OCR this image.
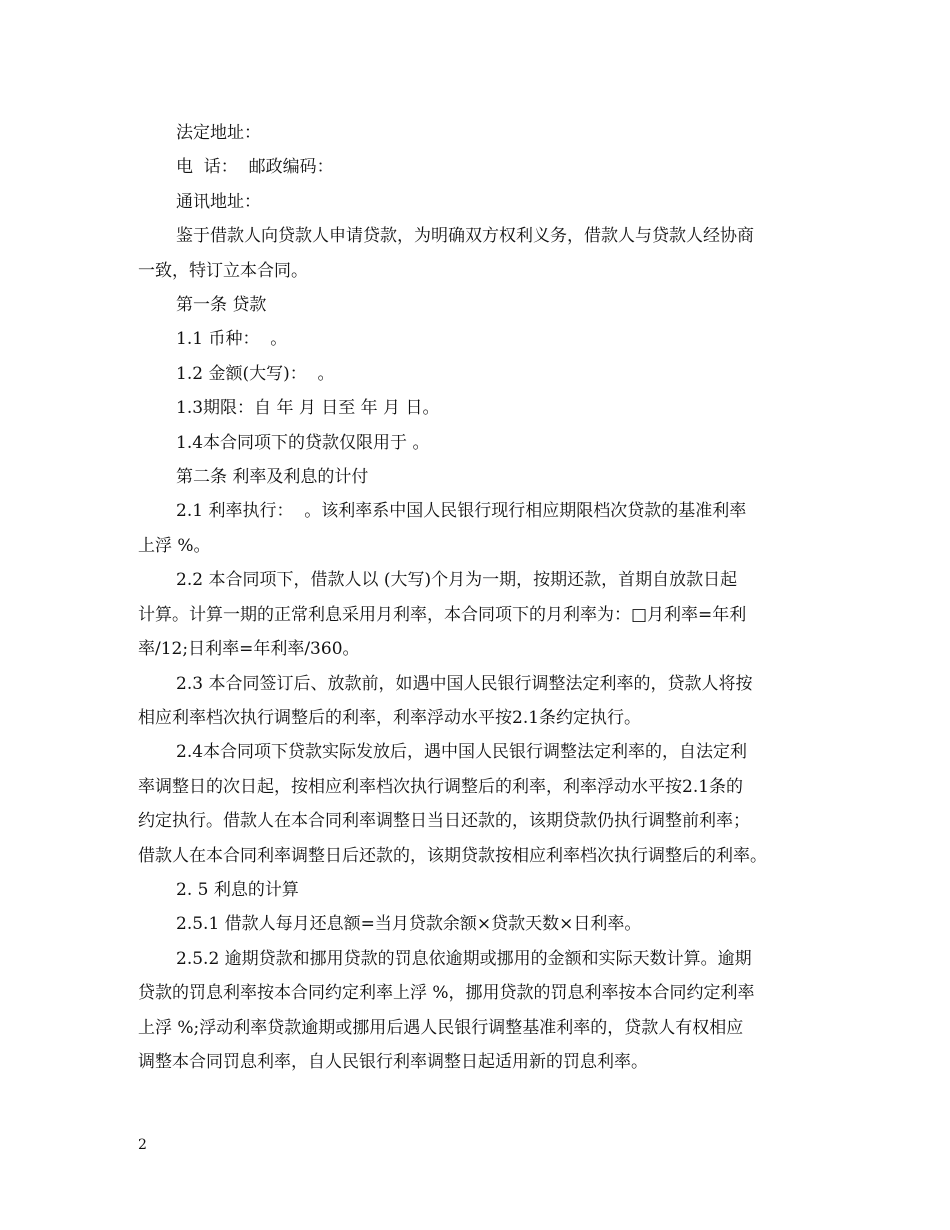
法定地址：

电  话：  邮政编码：

通讯地址：

鉴于借款人向贷款人申请贷款，为明确双方权利义务，借款人与贷款人经协商
一致，特订立本合同。

第一条 贷款

1.1 币种：  。

1.2 金额(大写)：  。

1.3期限：自 年 月 日至 年 月 日。

1.4本合同项下的贷款仅限用于 。

第二条 利率及利息的计付

2.1 利率执行：  。该利率系中国人民银行现行相应期限档次贷款的基准利率
上浮 %。

2.2 本合同项下，借款人以 (大写)个月为一期，按期还款，首期自放款日起
计算。计算一期的正常利息采用月利率，本合同项下的月利率为：□月利率=年利
率/12;日利率=年利率/360。

2.3 本合同签订后、放款前，如遇中国人民银行调整法定利率的，贷款人将按
相应利率档次执行调整后的利率，利率浮动水平按2.1条约定执行。

2.4本合同项下贷款实际发放后，遇中国人民银行调整法定利率的，自法定利
率调整日的次日起，按相应利率档次执行调整后的利率，利率浮动水平按2.1条的
约定执行。借款人在本合同利率调整日当日还款的，该期贷款仍执行调整前利率；
借款人在本合同利率调整日后还款的，该期贷款按相应利率档次执行调整后的利率。

2. 5 利息的计算

2.5.1 借款人每月还息额=当月贷款余额×贷款天数×日利率。

2.5.2 逾期贷款和挪用贷款的罚息依逾期或挪用的金额和实际天数计算。逾期
贷款的罚息利率按本合同约定利率上浮 %，挪用贷款的罚息利率按本合同约定利率
上浮 %;浮动利率贷款逾期或挪用后遇人民银行调整基准利率的，贷款人有权相应
调整本合同罚息利率，自人民银行利率调整日起适用新的罚息利率。

2
